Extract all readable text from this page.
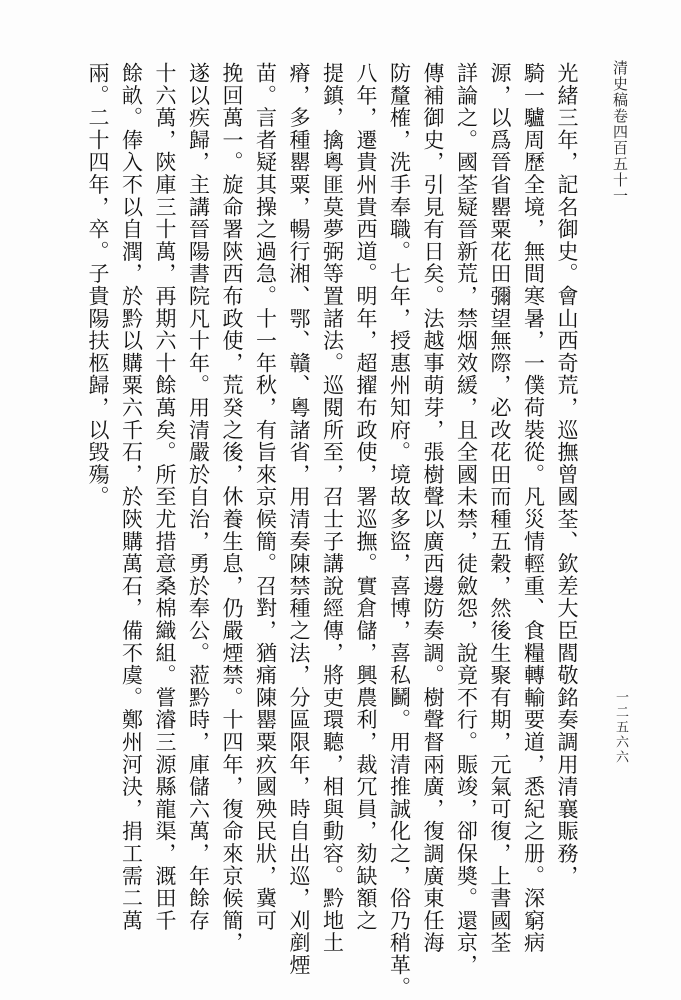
清史稿卷四百五十一
一二五六六
光緒三年，記名御史。會山西奇荒，巡撫曾國荃、欽差大臣閻敬銘奏調用清襄賑務，
騎一驢周歷全境，無間寒暑，一僕荷裝從。凡災情輕重、食糧轉輸要道，悉紀之册。深窮病
源，以爲晉省罌粟花田彌望無際，必改花田而種五穀，然後生聚有期，元氣可復，上書國荃
詳論之。國荃疑晉新荒，禁烟效緩，且全國未禁，徒斂怨，說竟不行。賑竣，卻保奬。還京，
傳補御史，引見有日矣。法越事萌芽，張樹聲以廣西邊防奏調。樹聲督兩廣，復調廣東任海
防釐榷，洗手奉職。七年，授惠州知府。境故多盜，喜博，喜私鬭。用清推誠化之，俗乃稍革。
八年，遷貴州貴西道。明年，超擢布政使，署巡撫。實倉儲，興農利，裁冗員，劾缺額之
提鎮，擒粵匪莫夢弼等置諸法。巡閱所至，召士子講說經傳，將吏環聽，相與動容。黔地土
瘠，多種罌粟，暢行湘、鄂、贛、粵諸省，用清奏陳禁種之法，分區限年，時自出巡，刈剷煙
苗。言者疑其操之過急。十一年秋，有旨來京候簡。召對，猶痛陳罌粟疚國殃民狀，冀可
挽回萬一。旋命署陝西布政使，荒癸之後，休養生息，仍嚴煙禁。十四年，復命來京候簡，
遂以疾歸，主講晉陽書院凡十年。用清嚴於自治，勇於奉公。蒞黔時，庫儲六萬，年餘存
十六萬，陝庫三十萬，再期六十餘萬矣。所至尤措意桑棉織組。嘗濬三源縣龍渠，溉田千
餘畝。俸入不以自潤，於黔以購粟六千石，於陝購萬石，備不虞。鄭州河決，捐工需二萬
兩。二十四年，卒。子貴陽扶柩歸，以毁殤。
